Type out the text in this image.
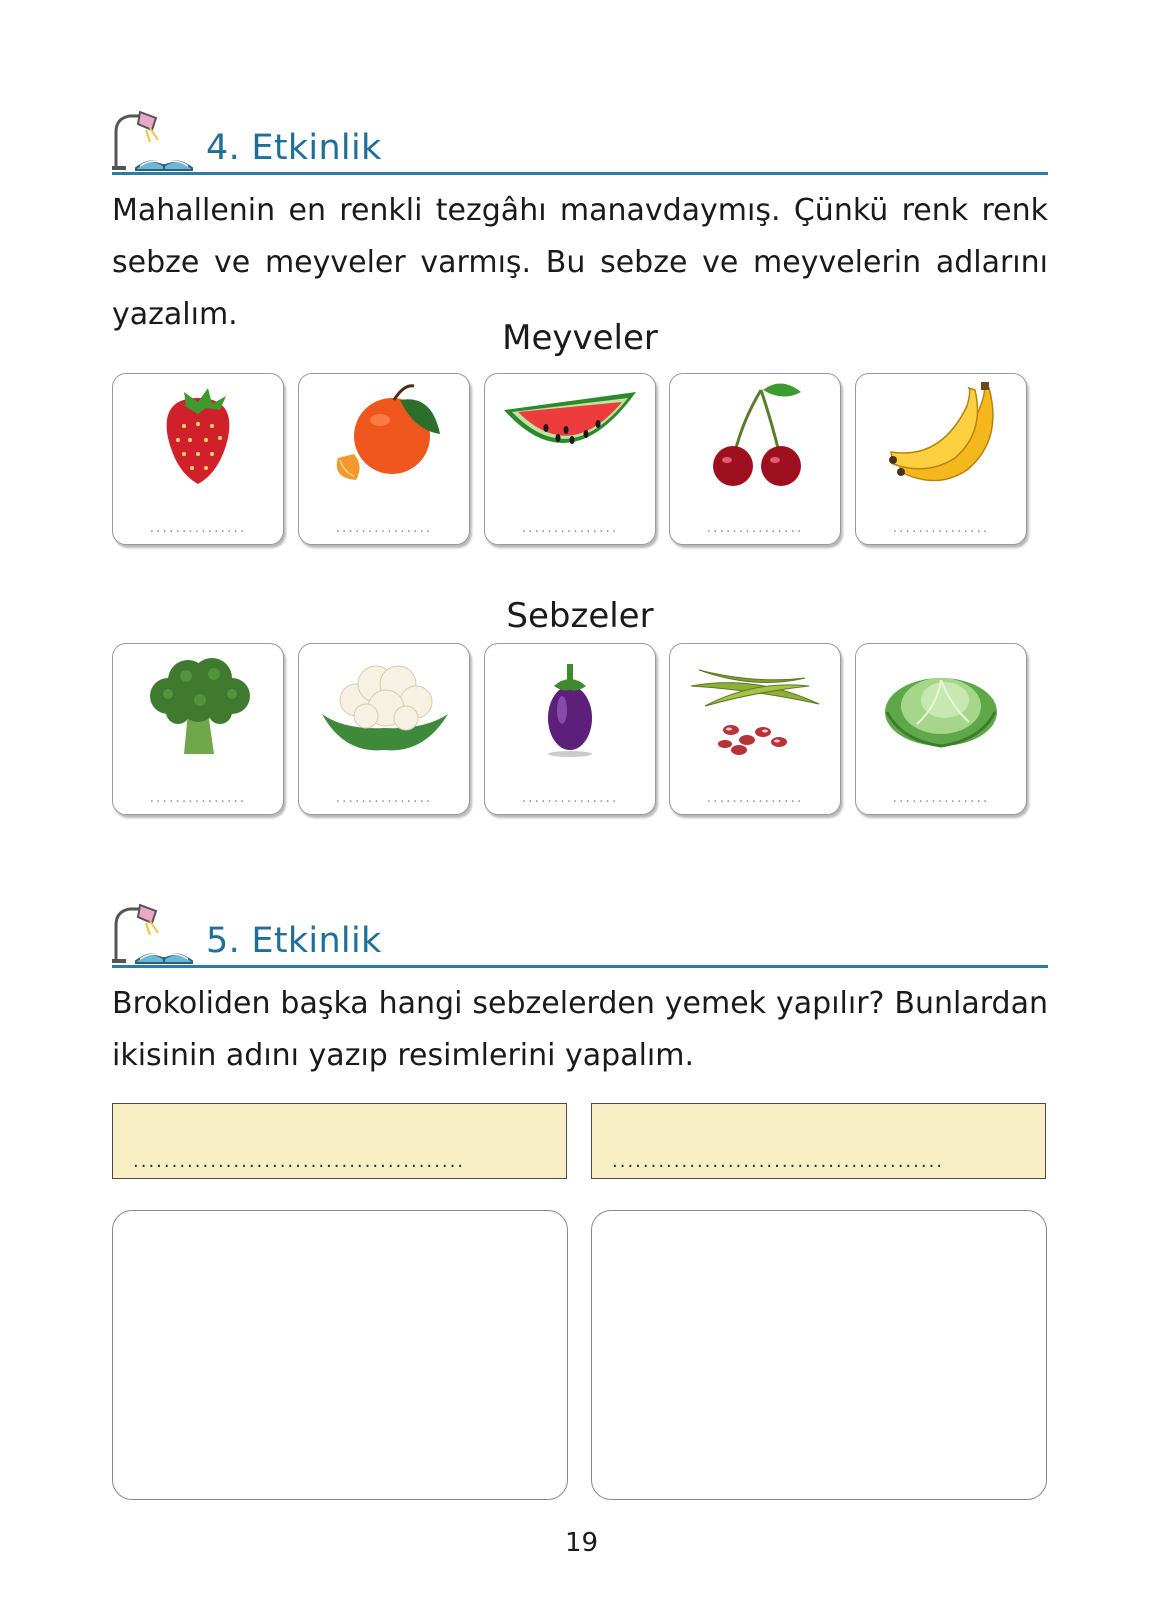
4. Etkinlik

Mahallenin en renkli tezgâhı manavdaymış. Çünkü renk renk sebze ve meyveler varmış. Bu sebze ve meyvelerin adlarını yazalım.

Meyveler
...............	...............	...............	...............	...............
Sebzeler
...............	...............	...............	...............	...............
5. Etkinlik

Brokoliden başka hangi sebzelerden yemek yapılır? Bunlardan ikisinin adını yazıp resimlerini yapalım.

...........................................	...........................................
19
